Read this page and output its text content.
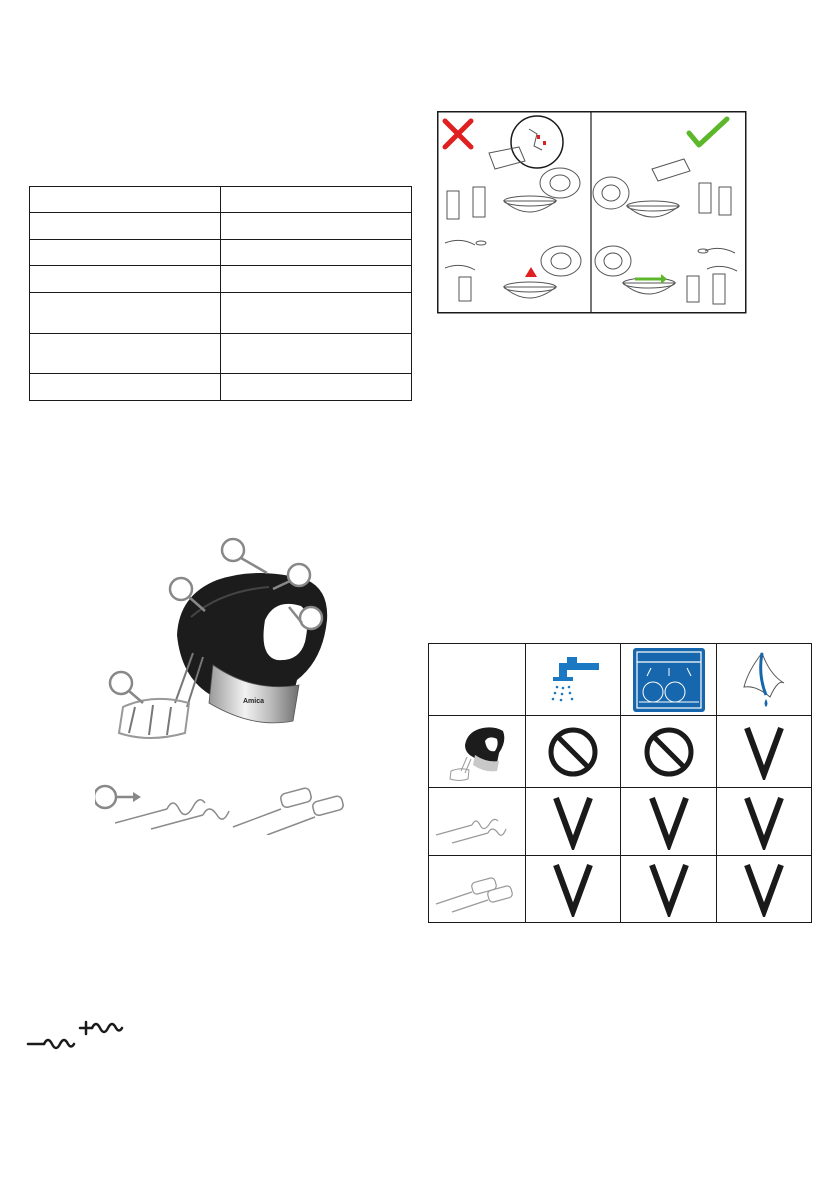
Amica
